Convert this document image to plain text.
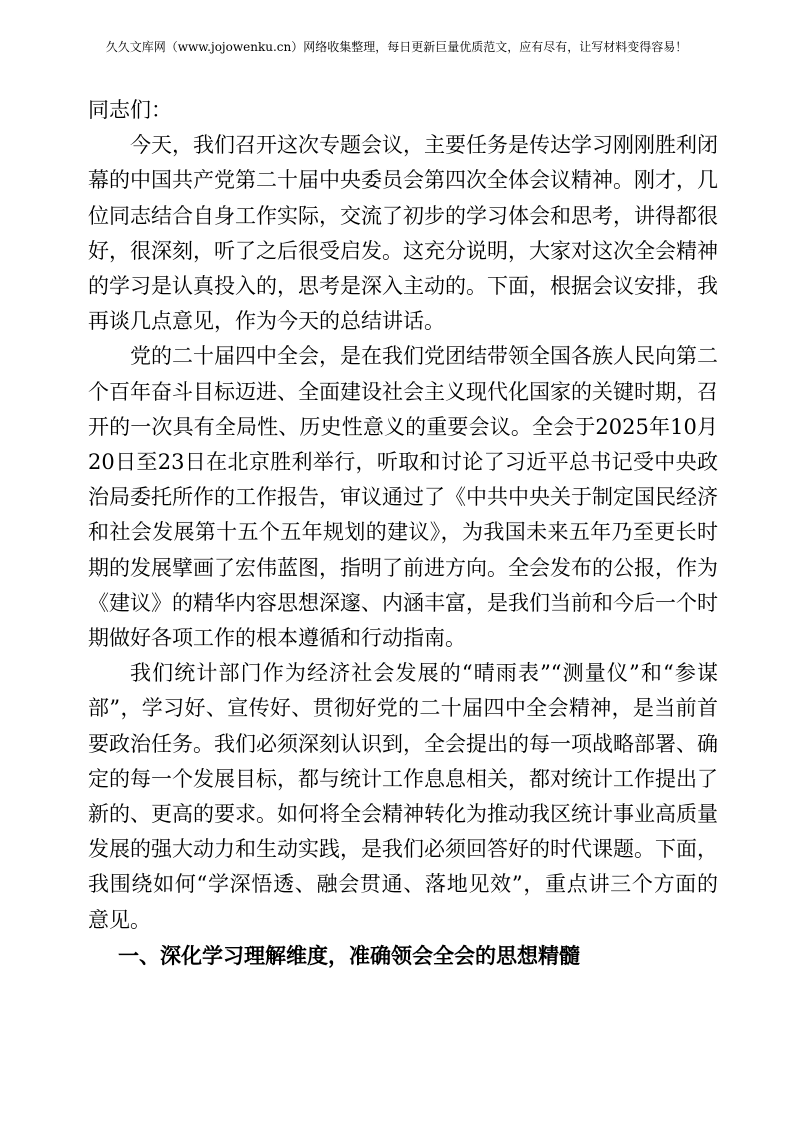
久久文库网（www.jojowenku.cn）网络收集整理，每日更新巨量优质范文，应有尽有，让写材料变得容易！

同志们：

今天，我们召开这次专题会议，主要任务是传达学习刚刚胜利闭幕的中国共产党第二十届中央委员会第四次全体会议精神。刚才，几位同志结合自身工作实际，交流了初步的学习体会和思考，讲得都很好，很深刻，听了之后很受启发。这充分说明，大家对这次全会精神的学习是认真投入的，思考是深入主动的。下面，根据会议安排，我再谈几点意见，作为今天的总结讲话。

党的二十届四中全会，是在我们党团结带领全国各族人民向第二个百年奋斗目标迈进、全面建设社会主义现代化国家的关键时期，召开的一次具有全局性、历史性意义的重要会议。全会于2025年10月20日至23日在北京胜利举行，听取和讨论了习近平总书记受中央政治局委托所作的工作报告，审议通过了《中共中央关于制定国民经济和社会发展第十五个五年规划的建议》，为我国未来五年乃至更长时期的发展擘画了宏伟蓝图，指明了前进方向。全会发布的公报，作为《建议》的精华内容思想深邃、内涵丰富，是我们当前和今后一个时期做好各项工作的根本遵循和行动指南。

我们统计部门作为经济社会发展的“晴雨表”“测量仪”和“参谋部”，学习好、宣传好、贯彻好党的二十届四中全会精神，是当前首要政治任务。我们必须深刻认识到，全会提出的每一项战略部署、确定的每一个发展目标，都与统计工作息息相关，都对统计工作提出了新的、更高的要求。如何将全会精神转化为推动我区统计事业高质量发展的强大动力和生动实践，是我们必须回答好的时代课题。下面，我围绕如何“学深悟透、融会贯通、落地见效”，重点讲三个方面的意见。

一、深化学习理解维度，准确领会全会的思想精髓
